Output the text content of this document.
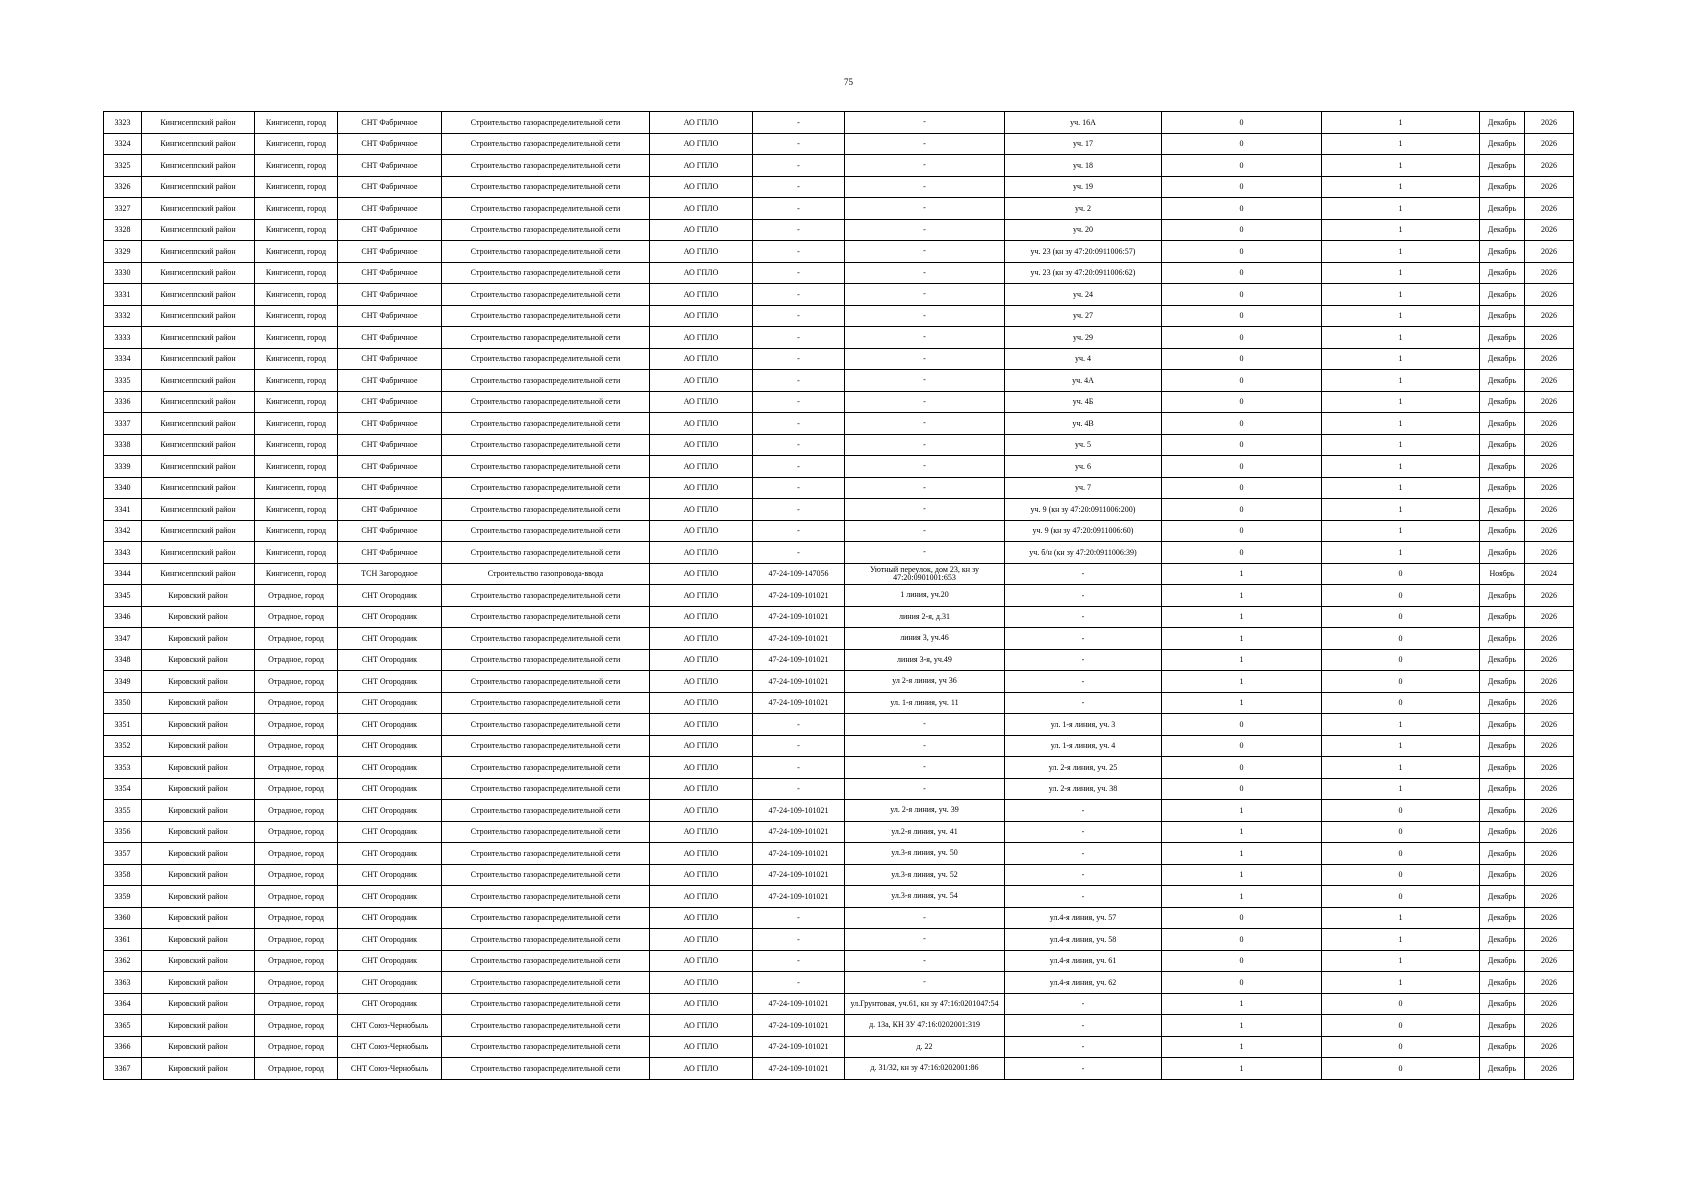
75
3323	Кингисеппский район	Кингисепп, город	СНТ Фабричное	Строительство газораспределительной сети	АО ГПЛО	-	-	уч. 16А	0	1	Декабрь	2026
3324	Кингисеппский район	Кингисепп, город	СНТ Фабричное	Строительство газораспределительной сети	АО ГПЛО	-	-	уч. 17	0	1	Декабрь	2026
3325	Кингисеппский район	Кингисепп, город	СНТ Фабричное	Строительство газораспределительной сети	АО ГПЛО	-	-	уч. 18	0	1	Декабрь	2026
3326	Кингисеппский район	Кингисепп, город	СНТ Фабричное	Строительство газораспределительной сети	АО ГПЛО	-	-	уч. 19	0	1	Декабрь	2026
3327	Кингисеппский район	Кингисепп, город	СНТ Фабричное	Строительство газораспределительной сети	АО ГПЛО	-	-	уч. 2	0	1	Декабрь	2026
3328	Кингисеппский район	Кингисепп, город	СНТ Фабричное	Строительство газораспределительной сети	АО ГПЛО	-	-	уч. 20	0	1	Декабрь	2026
3329	Кингисеппский район	Кингисепп, город	СНТ Фабричное	Строительство газораспределительной сети	АО ГПЛО	-	-	уч. 23 (кн зу 47:20:0911006:57)	0	1	Декабрь	2026
3330	Кингисеппский район	Кингисепп, город	СНТ Фабричное	Строительство газораспределительной сети	АО ГПЛО	-	-	уч. 23 (кн зу 47:20:0911006:62)	0	1	Декабрь	2026
3331	Кингисеппский район	Кингисепп, город	СНТ Фабричное	Строительство газораспределительной сети	АО ГПЛО	-	-	уч. 24	0	1	Декабрь	2026
3332	Кингисеппский район	Кингисепп, город	СНТ Фабричное	Строительство газораспределительной сети	АО ГПЛО	-	-	уч. 27	0	1	Декабрь	2026
3333	Кингисеппский район	Кингисепп, город	СНТ Фабричное	Строительство газораспределительной сети	АО ГПЛО	-	-	уч. 29	0	1	Декабрь	2026
3334	Кингисеппский район	Кингисепп, город	СНТ Фабричное	Строительство газораспределительной сети	АО ГПЛО	-	-	уч. 4	0	1	Декабрь	2026
3335	Кингисеппский район	Кингисепп, город	СНТ Фабричное	Строительство газораспределительной сети	АО ГПЛО	-	-	уч. 4А	0	1	Декабрь	2026
3336	Кингисеппский район	Кингисепп, город	СНТ Фабричное	Строительство газораспределительной сети	АО ГПЛО	-	-	уч. 4Б	0	1	Декабрь	2026
3337	Кингисеппский район	Кингисепп, город	СНТ Фабричное	Строительство газораспределительной сети	АО ГПЛО	-	-	уч. 4В	0	1	Декабрь	2026
3338	Кингисеппский район	Кингисепп, город	СНТ Фабричное	Строительство газораспределительной сети	АО ГПЛО	-	-	уч. 5	0	1	Декабрь	2026
3339	Кингисеппский район	Кингисепп, город	СНТ Фабричное	Строительство газораспределительной сети	АО ГПЛО	-	-	уч. 6	0	1	Декабрь	2026
3340	Кингисеппский район	Кингисепп, город	СНТ Фабричное	Строительство газораспределительной сети	АО ГПЛО	-	-	уч. 7	0	1	Декабрь	2026
3341	Кингисеппский район	Кингисепп, город	СНТ Фабричное	Строительство газораспределительной сети	АО ГПЛО	-	-	уч. 9 (кн зу 47:20:0911006:200)	0	1	Декабрь	2026
3342	Кингисеппский район	Кингисепп, город	СНТ Фабричное	Строительство газораспределительной сети	АО ГПЛО	-	-	уч. 9 (кн зу 47:20:0911006:60)	0	1	Декабрь	2026
3343	Кингисеппский район	Кингисепп, город	СНТ Фабричное	Строительство газораспределительной сети	АО ГПЛО	-	-	уч. б/н (кн зу 47:20:0911006:39)	0	1	Декабрь	2026
3344	Кингисеппский район	Кингисепп, город	ТСН Загородное	Строительство газопровода-ввода	АО ГПЛО	47-24-109-147056	Уютный переулок, дом 23, кн зу 47:20:0901001:653	-	1	0	Ноябрь	2024
3345	Кировский район	Отрадное, город	СНТ Огородник	Строительство газораспределительной сети	АО ГПЛО	47-24-109-101021	1 линия, уч.20	-	1	0	Декабрь	2026
3346	Кировский район	Отрадное, город	СНТ Огородник	Строительство газораспределительной сети	АО ГПЛО	47-24-109-101021	линия 2-я, д.31	-	1	0	Декабрь	2026
3347	Кировский район	Отрадное, город	СНТ Огородник	Строительство газораспределительной сети	АО ГПЛО	47-24-109-101021	линия 3, уч.46	-	1	0	Декабрь	2026
3348	Кировский район	Отрадное, город	СНТ Огородник	Строительство газораспределительной сети	АО ГПЛО	47-24-109-101021	линия 3-я, уч.49	-	1	0	Декабрь	2026
3349	Кировский район	Отрадное, город	СНТ Огородник	Строительство газораспределительной сети	АО ГПЛО	47-24-109-101021	ул 2-я линия, уч 36	-	1	0	Декабрь	2026
3350	Кировский район	Отрадное, город	СНТ Огородник	Строительство газораспределительной сети	АО ГПЛО	47-24-109-101021	ул. 1-я линия, уч. 11	-	1	0	Декабрь	2026
3351	Кировский район	Отрадное, город	СНТ Огородник	Строительство газораспределительной сети	АО ГПЛО	-	-	ул. 1-я линия, уч. 3	0	1	Декабрь	2026
3352	Кировский район	Отрадное, город	СНТ Огородник	Строительство газораспределительной сети	АО ГПЛО	-	-	ул. 1-я линия, уч. 4	0	1	Декабрь	2026
3353	Кировский район	Отрадное, город	СНТ Огородник	Строительство газораспределительной сети	АО ГПЛО	-	-	ул. 2-я линия, уч. 25	0	1	Декабрь	2026
3354	Кировский район	Отрадное, город	СНТ Огородник	Строительство газораспределительной сети	АО ГПЛО	-	-	ул. 2-я линия, уч. 38	0	1	Декабрь	2026
3355	Кировский район	Отрадное, город	СНТ Огородник	Строительство газораспределительной сети	АО ГПЛО	47-24-109-101021	ул. 2-я линия, уч. 39	-	1	0	Декабрь	2026
3356	Кировский район	Отрадное, город	СНТ Огородник	Строительство газораспределительной сети	АО ГПЛО	47-24-109-101021	ул.2-я линия, уч. 41	-	1	0	Декабрь	2026
3357	Кировский район	Отрадное, город	СНТ Огородник	Строительство газораспределительной сети	АО ГПЛО	47-24-109-101021	ул.3-я линия, уч. 50	-	1	0	Декабрь	2026
3358	Кировский район	Отрадное, город	СНТ Огородник	Строительство газораспределительной сети	АО ГПЛО	47-24-109-101021	ул.3-я линия, уч. 52	-	1	0	Декабрь	2026
3359	Кировский район	Отрадное, город	СНТ Огородник	Строительство газораспределительной сети	АО ГПЛО	47-24-109-101021	ул.3-я линия, уч. 54	-	1	0	Декабрь	2026
3360	Кировский район	Отрадное, город	СНТ Огородник	Строительство газораспределительной сети	АО ГПЛО	-	-	ул.4-я линия, уч. 57	0	1	Декабрь	2026
3361	Кировский район	Отрадное, город	СНТ Огородник	Строительство газораспределительной сети	АО ГПЛО	-	-	ул.4-я линия, уч. 58	0	1	Декабрь	2026
3362	Кировский район	Отрадное, город	СНТ Огородник	Строительство газораспределительной сети	АО ГПЛО	-	-	ул.4-я линия, уч. 61	0	1	Декабрь	2026
3363	Кировский район	Отрадное, город	СНТ Огородник	Строительство газораспределительной сети	АО ГПЛО	-	-	ул.4-я линия, уч. 62	0	1	Декабрь	2026
3364	Кировский район	Отрадное, город	СНТ Огородник	Строительство газораспределительной сети	АО ГПЛО	47-24-109-101021	ул.Грунтовая, уч.61, кн зу 47:16:0201047:54	-	1	0	Декабрь	2026
3365	Кировский район	Отрадное, город	СНТ Союз-Чернобыль	Строительство газораспределительной сети	АО ГПЛО	47-24-109-101021	д. 13а, КН ЗУ 47:16:0202001:319	-	1	0	Декабрь	2026
3366	Кировский район	Отрадное, город	СНТ Союз-Чернобыль	Строительство газораспределительной сети	АО ГПЛО	47-24-109-101021	д. 22	-	1	0	Декабрь	2026
3367	Кировский район	Отрадное, город	СНТ Союз-Чернобыль	Строительство газораспределительной сети	АО ГПЛО	47-24-109-101021	д. 31/32, кн зу 47:16:0202001:86	-	1	0	Декабрь	2026
